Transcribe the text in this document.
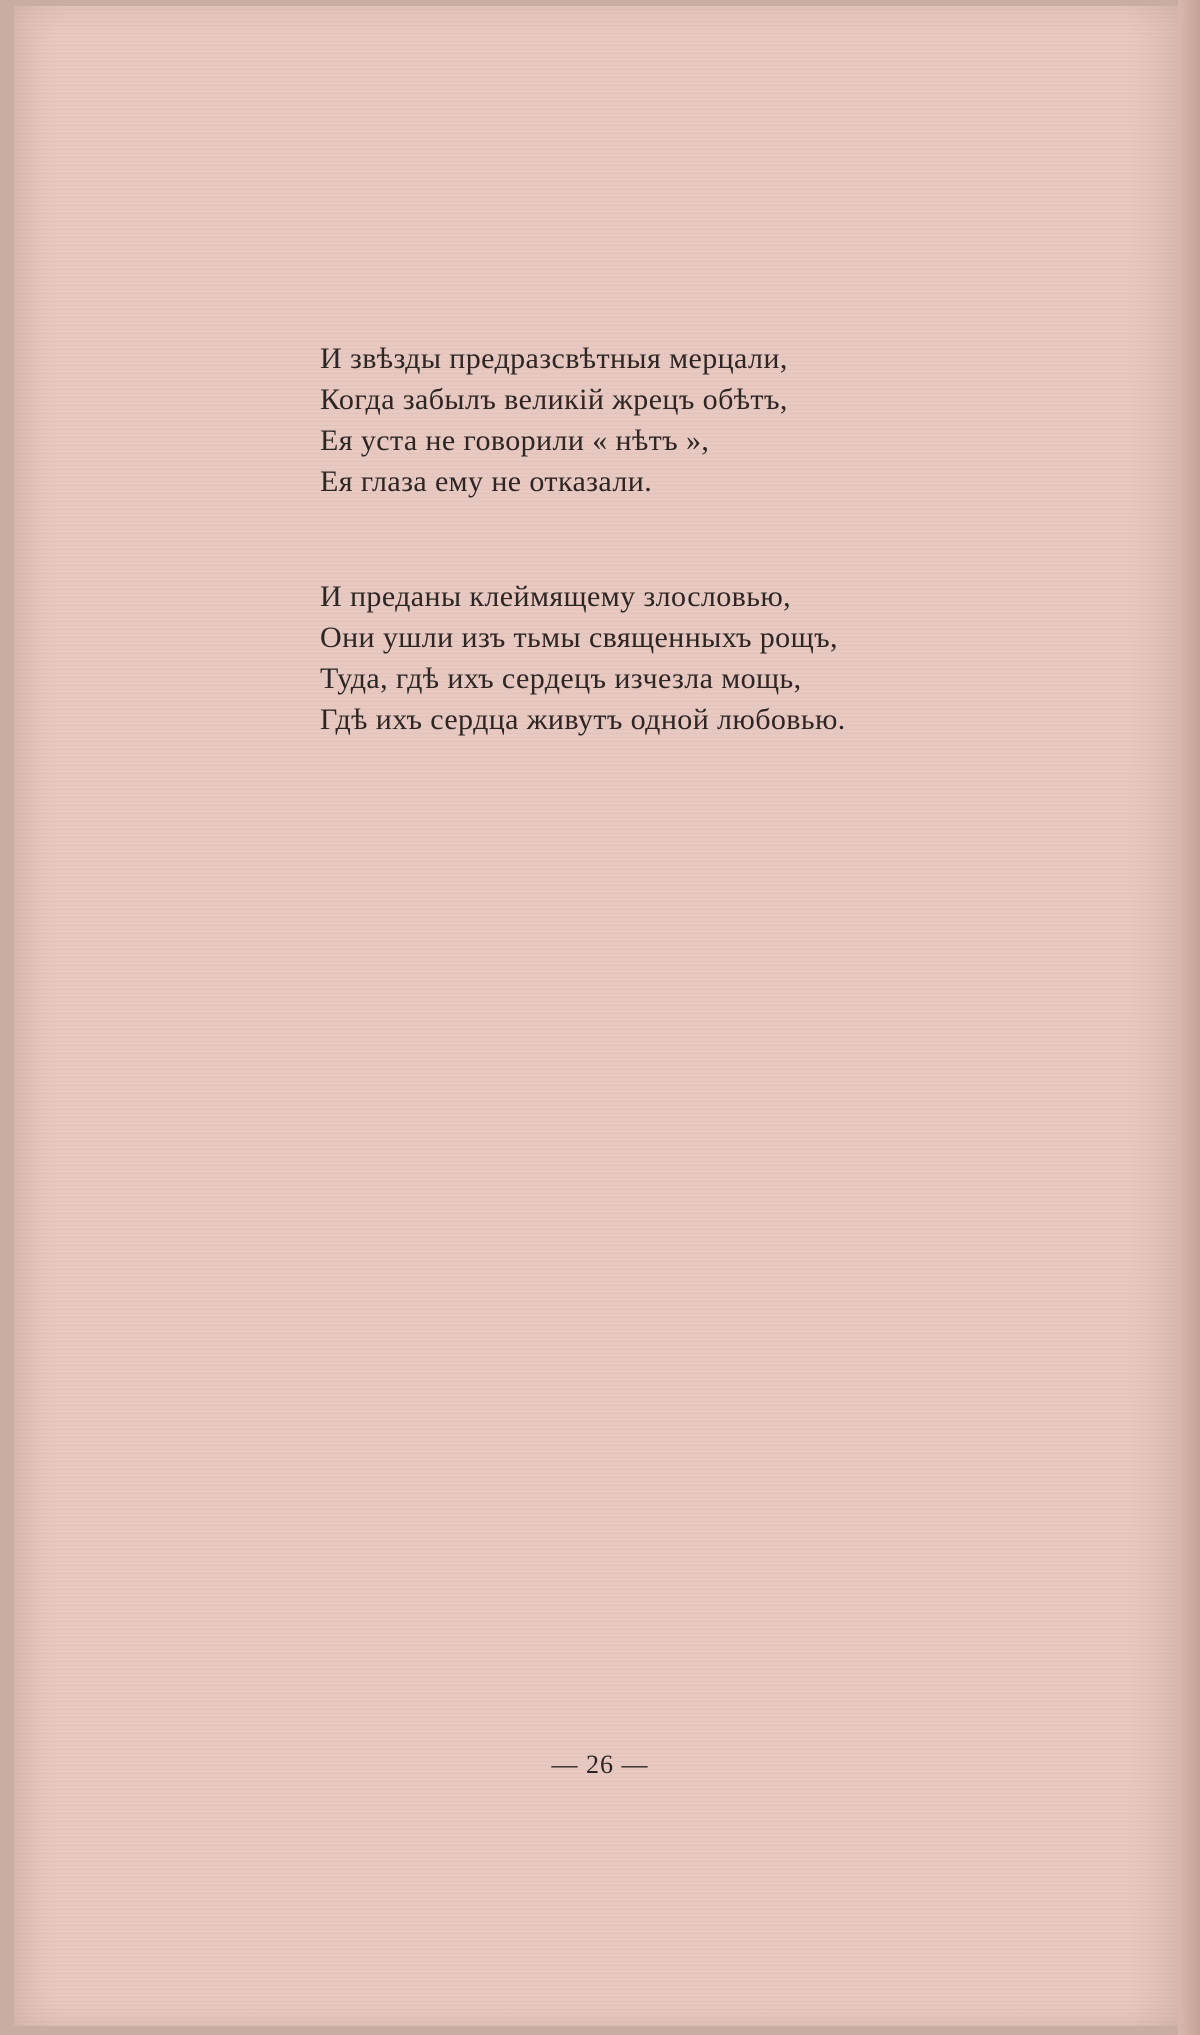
И звѣзды предразсвѣтныя мерцали,
Когда забылъ великій жрецъ обѣтъ,
Ея уста не говорили « нѣтъ »,
Ея глаза ему не отказали.
И преданы клеймящему злословью,
Они ушли изъ тьмы священныхъ рощъ,
Туда, гдѣ ихъ сердецъ изчезла мощь,
Гдѣ ихъ сердца живутъ одной любовью.
— 26 —
